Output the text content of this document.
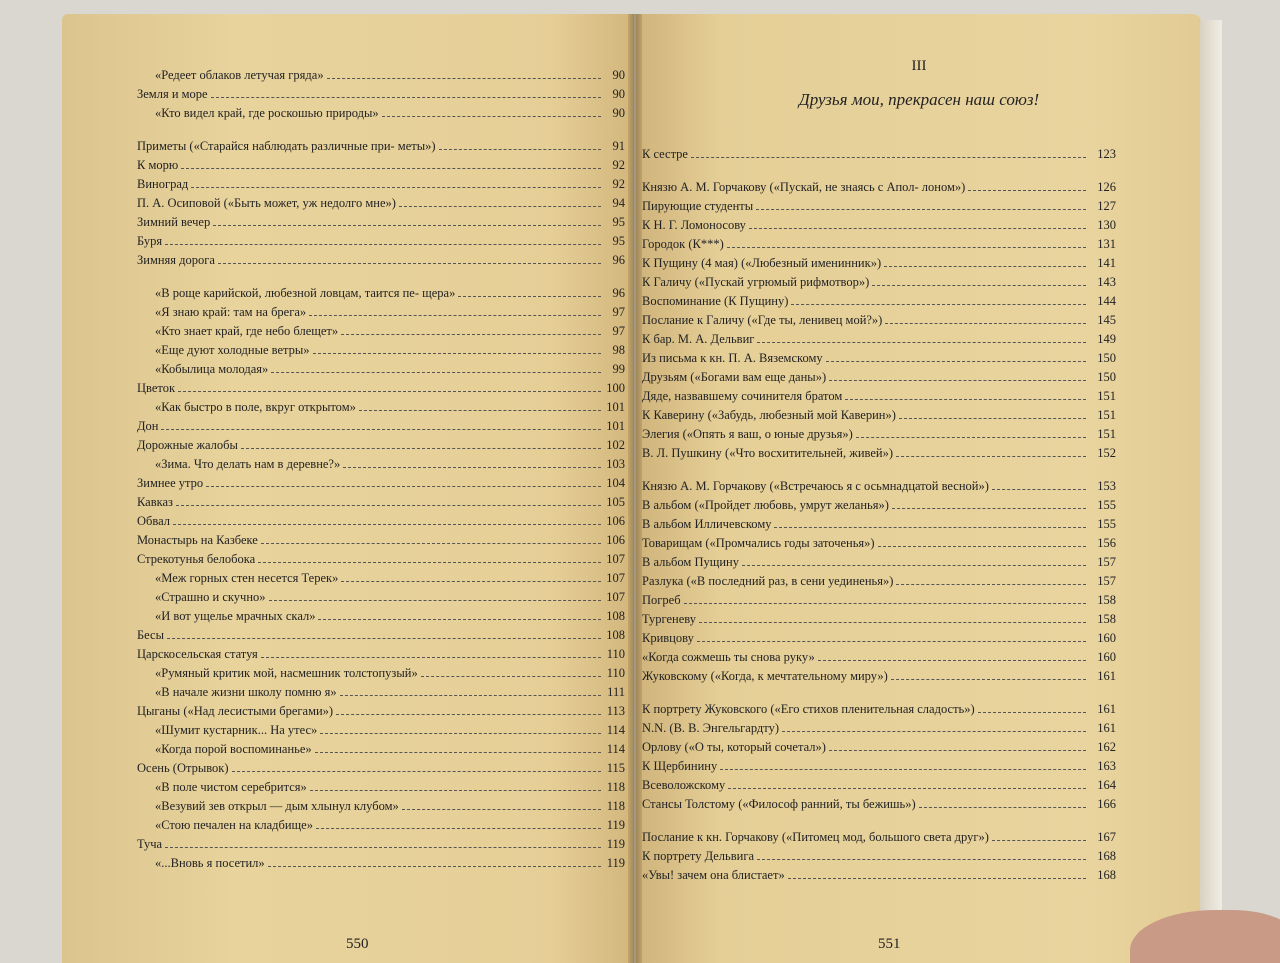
«Редеет облаков летучая гряда»	90
Земля и море	90
«Кто видел край, где роскошью природы»	90
Приметы («Старайся наблюдать различные при- меты»)	91
К морю	92
Виноград	92
П. А. Осиповой («Быть может, уж недолго мне»)	94
Зимний вечер	95
Буря	95
Зимняя дорога	96
«В роще карийской, любезной ловцам, таится пе- щера»	96
«Я знаю край: там на брега»	97
«Кто знает край, где небо блещет»	97
«Еще дуют холодные ветры»	98
«Кобылица молодая»	99
Цветок	100
«Как быстро в поле, вкруг открытом»	101
Дон	101
Дорожные жалобы	102
«Зима. Что делать нам в деревне?»	103
Зимнее утро	104
Кавказ	105
Обвал	106
Монастырь на Казбеке	106
Стрекотунья белобока	107
«Меж горных стен несется Терек»	107
«Страшно и скучно»	107
«И вот ущелье мрачных скал»	108
Бесы	108
Царскосельская статуя	110
«Румяный критик мой, насмешник толстопузый»	110
«В начале жизни школу помню я»	111
Цыганы («Над лесистыми брегами»)	113
«Шумит кустарник... На утес»	114
«Когда порой воспоминанье»	114
Осень (Отрывок)	115
«В поле чистом серебрится»	118
«Везувий зев открыл — дым хлынул клубом»	118
«Стою печален на кладбище»	119
Туча	119
«...Вновь я посетил»	119
550
III
Друзья мои, прекрасен наш союз!
К сестре	123
Князю А. М. Горчакову («Пускай, не знаясь с Апол- лоном»)	126
Пирующие студенты	127
К Н. Г. Ломоносову	130
Городок (К***)	131
К Пущину (4 мая) («Любезный именинник»)	141
К Галичу («Пускай угрюмый рифмотвор»)	143
Воспоминание (К Пущину)	144
Послание к Галичу («Где ты, ленивец мой?»)	145
К бар. М. А. Дельвиг	149
Из письма к кн. П. А. Вяземскому	150
Друзьям («Богами вам еще даны»)	150
Дяде, назвавшему сочинителя братом	151
К Каверину («Забудь, любезный мой Каверин»)	151
Элегия («Опять я ваш, о юные друзья»)	151
В. Л. Пушкину («Что восхитительней, живей»)	152
Князю А. М. Горчакову («Встречаюсь я с осьмнадцатой весной»)	153
В альбом («Пройдет любовь, умрут желанья»)	155
В альбом Илличевскому	155
Товарищам («Промчались годы заточенья»)	156
В альбом Пущину	157
Разлука («В последний раз, в сени уединенья»)	157
Погреб	158
Тургеневу	158
Кривцову	160
«Когда сожмешь ты снова руку»	160
Жуковскому («Когда, к мечтательному миру»)	161
К портрету Жуковского («Его стихов пленительная сладость»)	161
N.N. (В. В. Энгельгардту)	161
Орлову («О ты, который сочетал»)	162
К Щербинину	163
Всеволожскому	164
Стансы Толстому («Философ ранний, ты бежишь»)	166
Послание к кн. Горчакову («Питомец мод, большого света друг»)	167
К портрету Дельвига	168
«Увы! зачем она блистает»	168
551
